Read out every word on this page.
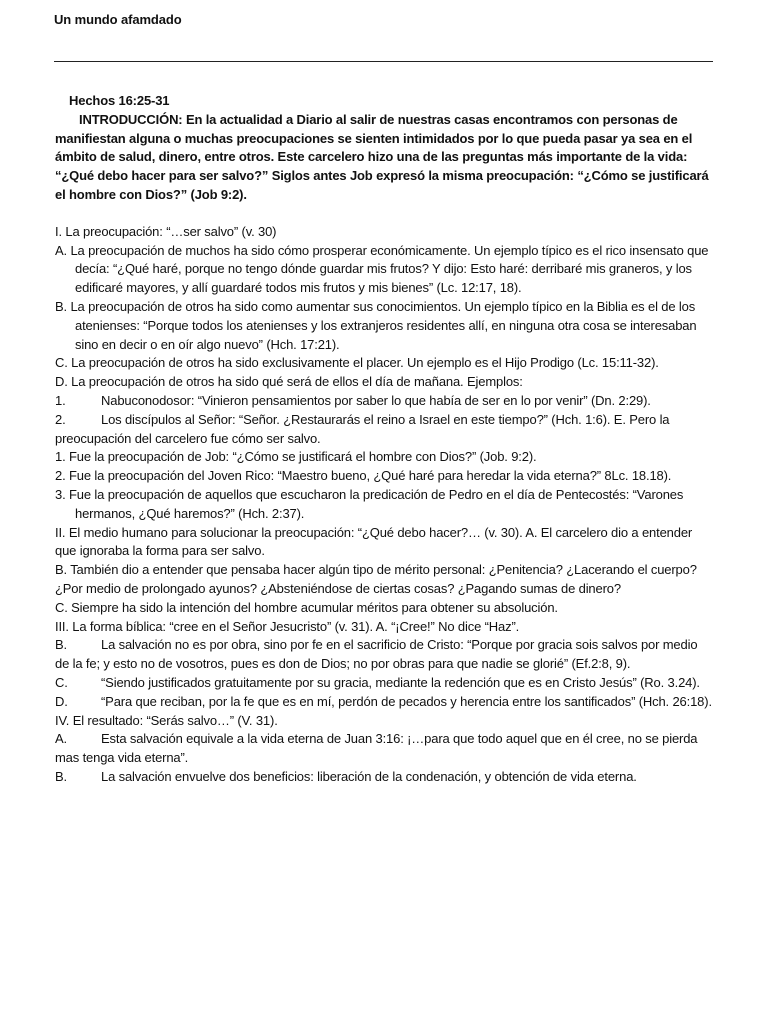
Un mundo afamdado
Hechos 16:25-31
INTRODUCCIÓN: En la actualidad a Diario al salir de nuestras casas encontramos con personas de manifiestan alguna o muchas preocupaciones se sienten intimidados por lo que pueda pasar ya sea en el ámbito de salud, dinero, entre otros. Este carcelero hizo una de las preguntas más importante de la vida: “¿Qué debo hacer para ser salvo?” Siglos antes Job expresó la misma preocupación: “¿Cómo se justificará el hombre con Dios?” (Job 9:2).
I. La preocupación: “…ser salvo” (v. 30)
A. La preocupación de muchos ha sido cómo prosperar económicamente. Un ejemplo típico es el rico insensato que decía: “¿Qué haré, porque no tengo dónde guardar mis frutos? Y dijo: Esto haré: derribaré mis graneros, y los edificaré mayores, y allí guardaré todos mis frutos y mis bienes” (Lc. 12:17, 18).
B. La preocupación de otros ha sido como aumentar sus conocimientos. Un ejemplo típico en la Biblia es el de los atenienses: “Porque todos los atenienses y los extranjeros residentes allí, en ninguna otra cosa se interesaban sino en decir o en oír algo nuevo” (Hch. 17:21).
C. La preocupación de otros ha sido exclusivamente el placer. Un ejemplo es el Hijo Prodigo (Lc. 15:11-32).
D. La preocupación de otros ha sido qué será de ellos el día de mañana. Ejemplos:
1.	Nabuconodosor: “Vinieron pensamientos por saber lo que había de ser en lo por venir” (Dn. 2:29).
2.	Los discípulos al Señor: “Señor. ¿Restaurarás el reino a Israel en este tiempo?” (Hch. 1:6). E. Pero la preocupación del carcelero fue cómo ser salvo.
1. Fue la preocupación de Job: “¿Cómo se justificará el hombre con Dios?” (Job. 9:2).
2. Fue la preocupación del Joven Rico: “Maestro bueno, ¿Qué haré para heredar la vida eterna?” 8Lc. 18.18).
3. Fue la preocupación de aquellos que escucharon la predicación de Pedro en el día de Pentecostés: “Varones hermanos, ¿Qué haremos?” (Hch. 2:37).
II. El medio humano para solucionar la preocupación: “¿Qué debo hacer?… (v. 30). A. El carcelero dio a entender que ignoraba la forma para ser salvo.
B. También dio a entender que pensaba hacer algún tipo de mérito personal: ¿Penitencia? ¿Lacerando el cuerpo? ¿Por medio de prolongado ayunos? ¿Absteniéndose de ciertas cosas? ¿Pagando sumas de dinero?
C. Siempre ha sido la intención del hombre acumular méritos para obtener su absolución.
III. La forma bíblica: “cree en el Señor Jesucristo” (v. 31). A. “¡Cree!” No dice “Haz”.
B.	La salvación no es por obra, sino por fe en el sacrificio de Cristo: “Porque por gracia sois salvos por medio de la fe; y esto no de vosotros, pues es don de Dios; no por obras para que nadie se glorié” (Ef.2:8, 9).
C.	“Siendo justificados gratuitamente por su gracia, mediante la redención que es en Cristo Jesús” (Ro. 3.24).
D.	“Para que reciban, por la fe que es en mí, perdón de pecados y herencia entre los santificados” (Hch. 26:18).
IV. El resultado: “Serás salvo…” (V. 31).
A.	Esta salvación equivale a la vida eterna de Juan 3:16: ¡…para que todo aquel que en él cree, no se pierda mas tenga vida eterna”.
B.	La salvación envuelve dos beneficios: liberación de la condenación, y obtención de vida eterna.
